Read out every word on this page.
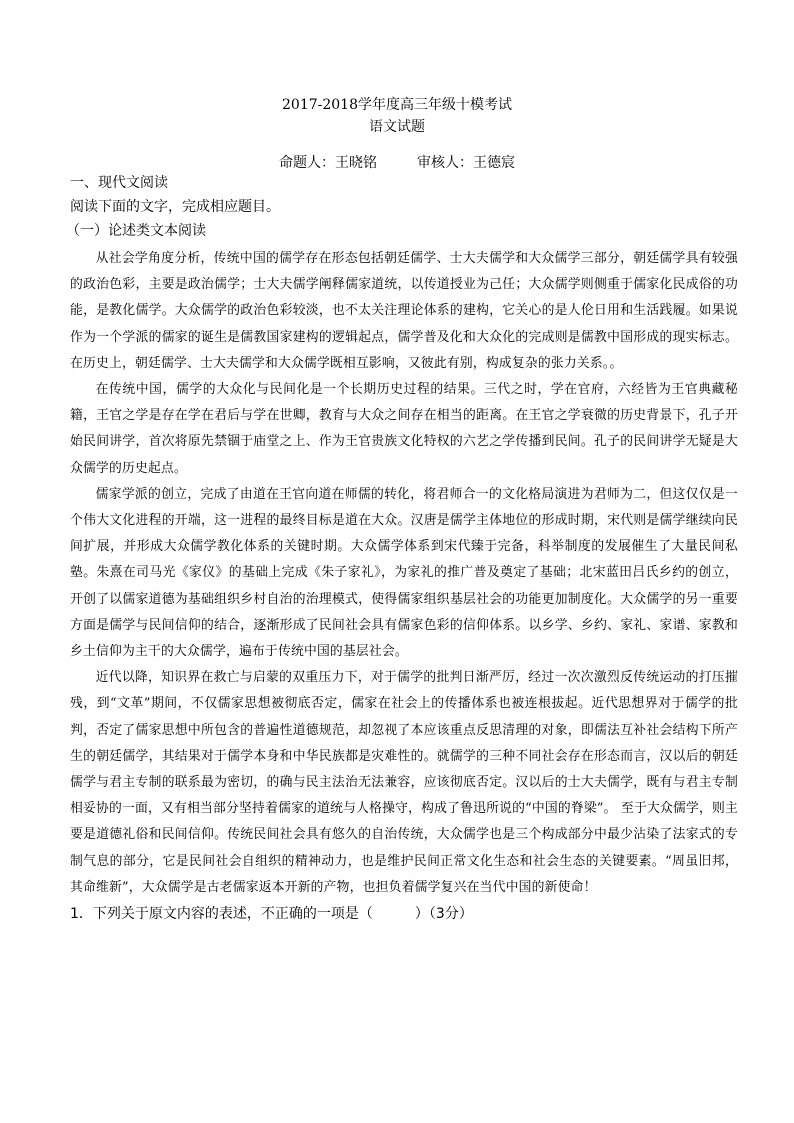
2017-2018学年度高三年级十模考试

语文试题

命题人：王晓铭	审核人：王德宸

一、现代文阅读

阅读下面的文字，完成相应题目。

（一）论述类文本阅读

从社会学角度分析，传统中国的儒学存在形态包括朝廷儒学、士大夫儒学和大众儒学三部分，朝廷儒学具有较强的政治色彩，主要是政治儒学；士大夫儒学阐释儒家道统，以传道授业为己任；大众儒学则侧重于儒家化民成俗的功能，是教化儒学。大众儒学的政治色彩较淡，也不太关注理论体系的建构，它关心的是人伦日用和生活践履。如果说作为一个学派的儒家的诞生是儒教国家建构的逻辑起点，儒学普及化和大众化的完成则是儒教中国形成的现实标志。在历史上，朝廷儒学、士大夫儒学和大众儒学既相互影响，又彼此有别，构成复杂的张力关系。。

在传统中国，儒学的大众化与民间化是一个长期历史过程的结果。三代之时，学在官府，六经皆为王官典藏秘籍，王官之学是存在学在君后与学在世卿，教育与大众之间存在相当的距离。在王官之学衰微的历史背景下，孔子开始民间讲学，首次将原先禁锢于庙堂之上、作为王官贵族文化特权的六艺之学传播到民间。孔子的民间讲学无疑是大众儒学的历史起点。

儒家学派的创立，完成了由道在王官向道在师儒的转化，将君师合一的文化格局演进为君师为二，但这仅仅是一个伟大文化进程的开端，这一进程的最终目标是道在大众。汉唐是儒学主体地位的形成时期，宋代则是儒学继续向民间扩展，并形成大众儒学教化体系的关键时期。大众儒学体系到宋代臻于完备，科举制度的发展催生了大量民间私塾。朱熹在司马光《家仪》的基础上完成《朱子家礼》，为家礼的推广普及奠定了基础；北宋蓝田吕氏乡约的创立，开创了以儒家道德为基础组织乡村自治的治理模式，使得儒家组织基层社会的功能更加制度化。大众儒学的另一重要方面是儒学与民间信仰的结合，逐渐形成了民间社会具有儒家色彩的信仰体系。以乡学、乡约、家礼、家谱、家教和乡土信仰为主干的大众儒学，遍布于传统中国的基层社会。

近代以降，知识界在救亡与启蒙的双重压力下，对于儒学的批判日渐严厉，经过一次次激烈反传统运动的打压摧残，到“文革”期间，不仅儒家思想被彻底否定，儒家在社会上的传播体系也被连根拔起。近代思想界对于儒学的批判，否定了儒家思想中所包含的普遍性道德规范，却忽视了本应该重点反思清理的对象，即儒法互补社会结构下所产生的朝廷儒学，其结果对于儒学本身和中华民族都是灾难性的。就儒学的三种不同社会存在形态而言，汉以后的朝廷儒学与君主专制的联系最为密切，的确与民主法治无法兼容，应该彻底否定。汉以后的士大夫儒学，既有与君主专制相妥协的一面，又有相当部分坚持着儒家的道统与人格操守，构成了鲁迅所说的“中国的脊梁”。 至于大众儒学，则主要是道德礼俗和民间信仰。传统民间社会具有悠久的自治传统，大众儒学也是三个构成部分中最少沾染了法家式的专制气息的部分，它是民间社会自组织的精神动力，也是维护民间正常文化生态和社会生态的关键要素。“周虽旧邦，其命维新”，大众儒学是古老儒家返本开新的产物，也担负着儒学复兴在当代中国的新使命！

1．下列关于原文内容的表述，不正确的一项是（　　　）（3分）
